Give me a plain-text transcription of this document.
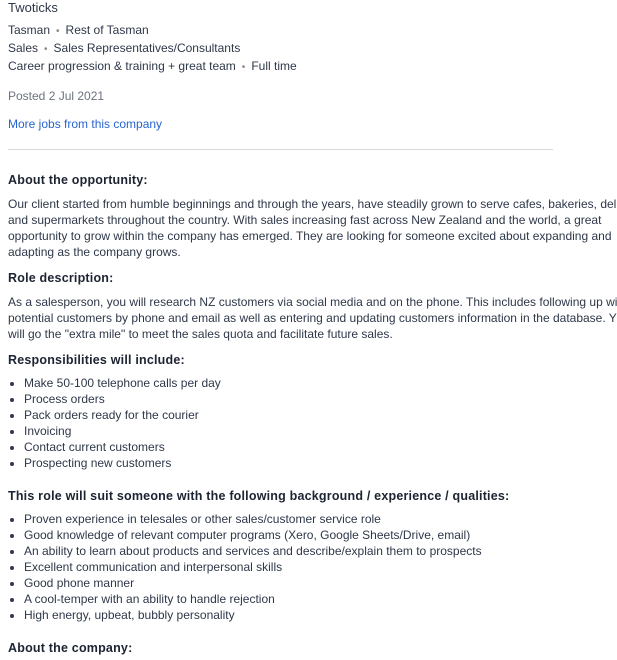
Twoticks
Tasman • Rest of Tasman
Sales • Sales Representatives/Consultants
Career progression & training + great team • Full time
Posted 2 Jul 2021
More jobs from this company
About the opportunity:

Our client started from humble beginnings and through the years, have steadily grown to serve cafes, bakeries, del

and supermarkets throughout the country. With sales increasing fast across New Zealand and the world, a great

opportunity to grow within the company has emerged. They are looking for someone excited about expanding and

adapting as the company grows.

Role description:

As a salesperson, you will research NZ customers via social media and on the phone. This includes following up wi

potential customers by phone and email as well as entering and updating customers information in the database. Y

will go the "extra mile" to meet the sales quota and facilitate future sales.

Responsibilities will include:
• Make 50-100 telephone calls per day
• Process orders
• Pack orders ready for the courier
• Invoicing
• Contact current customers
• Prospecting new customers
This role will suit someone with the following background / experience / qualities:
• Proven experience in telesales or other sales/customer service role
• Good knowledge of relevant computer programs (Xero, Google Sheets/Drive, email)
• An ability to learn about products and services and describe/explain them to prospects
• Excellent communication and interpersonal skills
• Good phone manner
• A cool-temper with an ability to handle rejection
• High energy, upbeat, bubbly personality
About the company:
